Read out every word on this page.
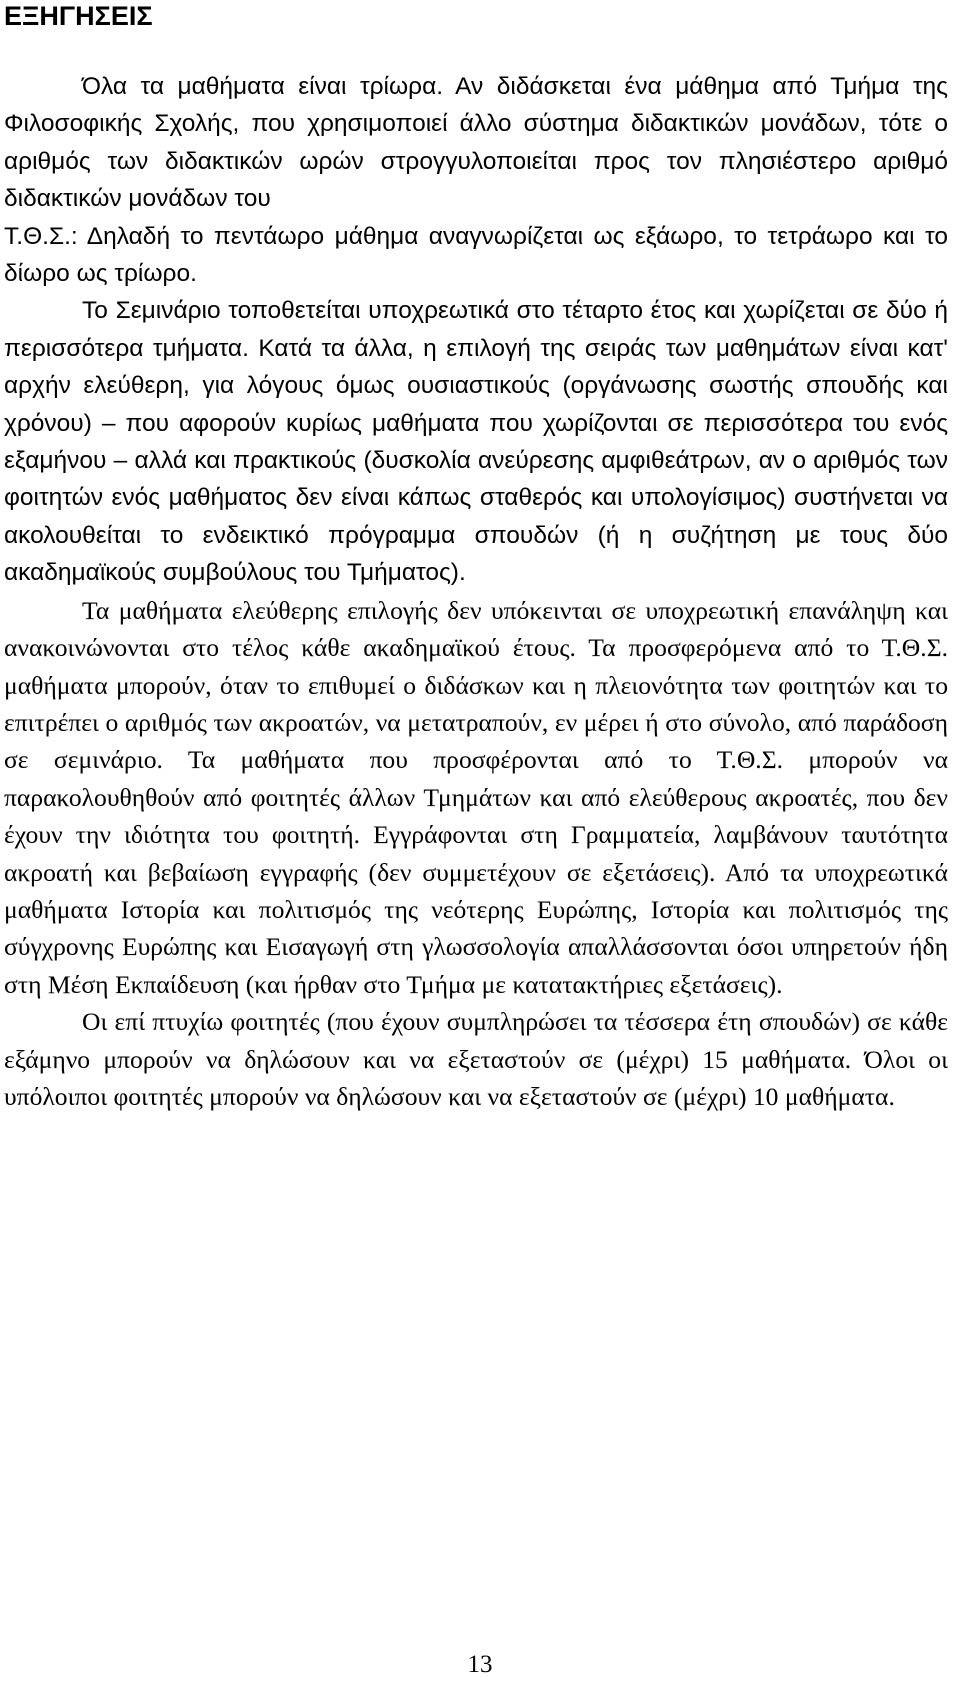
ΕΞΗΓΗΣΕΙΣ

Όλα τα μαθήματα είναι τρίωρα. Αν διδάσκεται ένα μάθημα από Τμήμα της Φιλοσοφικής Σχολής, που χρησιμοποιεί άλλο σύστημα διδακτικών μονάδων, τότε ο αριθμός των διδακτικών ωρών στρογγυλοποιείται προς τον πλησιέστερο αριθμό διδακτικών μονάδων του

Τ.Θ.Σ.: Δηλαδή το πεντάωρο μάθημα αναγνωρίζεται ως εξάωρο, το τετράωρο και το δίωρο ως τρίωρο.

Το Σεμινάριο τοποθετείται υποχρεωτικά στο τέταρτο έτος και χωρίζεται σε δύο ή περισσότερα τμήματα. Κατά τα άλλα, η επιλογή της σειράς των μαθημάτων είναι κατ' αρχήν ελεύθερη, για λόγους όμως ουσιαστικούς (οργάνωσης σωστής σπουδής και χρόνου) – που αφορούν κυρίως μαθήματα που χωρίζονται σε περισσότερα του ενός εξαμήνου – αλλά και πρακτικούς (δυσκολία ανεύρεσης αμφιθεάτρων, αν ο αριθμός των φοιτητών ενός μαθήματος δεν είναι κάπως σταθερός και υπολογίσιμος) συστήνεται να ακολουθείται το ενδεικτικό πρόγραμμα σπουδών (ή η συζήτηση με τους δύο ακαδημαϊκούς συμβούλους του Τμήματος).

Τα μαθήματα ελεύθερης επιλογής δεν υπόκεινται σε υποχρεωτική επανάληψη και ανακοινώνονται στο τέλος κάθε ακαδημαϊκού έτους. Τα προσφερόμενα από το Τ.Θ.Σ. μαθήματα μπορούν, όταν το επιθυμεί ο διδάσκων και η πλειονότητα των φοιτητών και το επιτρέπει ο αριθμός των ακροατών, να μετατραπούν, εν μέρει ή στο σύνολο, από παράδοση σε σεμινάριο. Τα μαθήματα που προσφέρονται από το Τ.Θ.Σ. μπορούν να παρακολουθηθούν από φοιτητές άλλων Τμημάτων και από ελεύθερους ακροατές, που δεν έχουν την ιδιότητα του φοιτητή. Εγγράφονται στη Γραμματεία, λαμβάνουν ταυτότητα ακροατή και βεβαίωση εγγραφής (δεν συμμετέχουν σε εξετάσεις). Από τα υποχρεωτικά μαθήματα Ιστορία και πολιτισμός της νεότερης Ευρώπης, Ιστορία και πολιτισμός της σύγχρονης Ευρώπης και Εισαγωγή στη γλωσσολογία απαλλάσσονται όσοι υπηρετούν ήδη στη Μέση Εκπαίδευση (και ήρθαν στο Τμήμα με κατατακτήριες εξετάσεις).

Οι επί πτυχίω φοιτητές (που έχουν συμπληρώσει τα τέσσερα έτη σπουδών) σε κάθε εξάμηνο μπορούν να δηλώσουν και να εξεταστούν σε (μέχρι) 15 μαθήματα. Όλοι οι υπόλοιποι φοιτητές μπορούν να δηλώσουν και να εξεταστούν σε (μέχρι) 10 μαθήματα.

13
